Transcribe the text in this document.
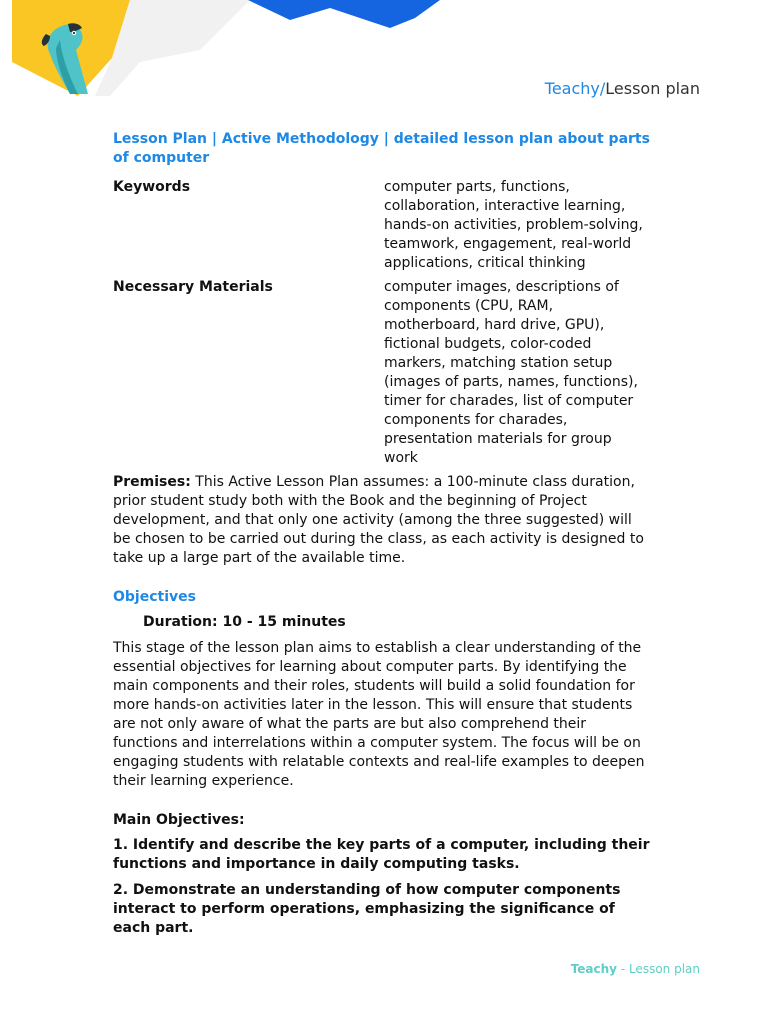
Teachy/Lesson plan
Lesson Plan | Active Methodology | detailed lesson plan about parts of computer
Keywords	computer parts, functions, collaboration, interactive learning, hands-on activities, problem-solving, teamwork, engagement, real-world applications, critical thinking
Necessary Materials	computer images, descriptions of components (CPU, RAM, motherboard, hard drive, GPU), fictional budgets, color-coded markers, matching station setup (images of parts, names, functions), timer for charades, list of computer components for charades, presentation materials for group work

Premises: This Active Lesson Plan assumes: a 100-minute class duration, prior student study both with the Book and the beginning of Project development, and that only one activity (among the three suggested) will be chosen to be carried out during the class, as each activity is designed to take up a large part of the available time.

Objectives
Duration: 10 - 15 minutes

This stage of the lesson plan aims to establish a clear understanding of the essential objectives for learning about computer parts. By identifying the main components and their roles, students will build a solid foundation for more hands-on activities later in the lesson. This will ensure that students are not only aware of what the parts are but also comprehend their functions and interrelations within a computer system. The focus will be on engaging students with relatable contexts and real-life examples to deepen their learning experience.

Main Objectives:

1. Identify and describe the key parts of a computer, including their functions and importance in daily computing tasks.

2. Demonstrate an understanding of how computer components interact to perform operations, emphasizing the significance of each part.

Teachy - Lesson plan
